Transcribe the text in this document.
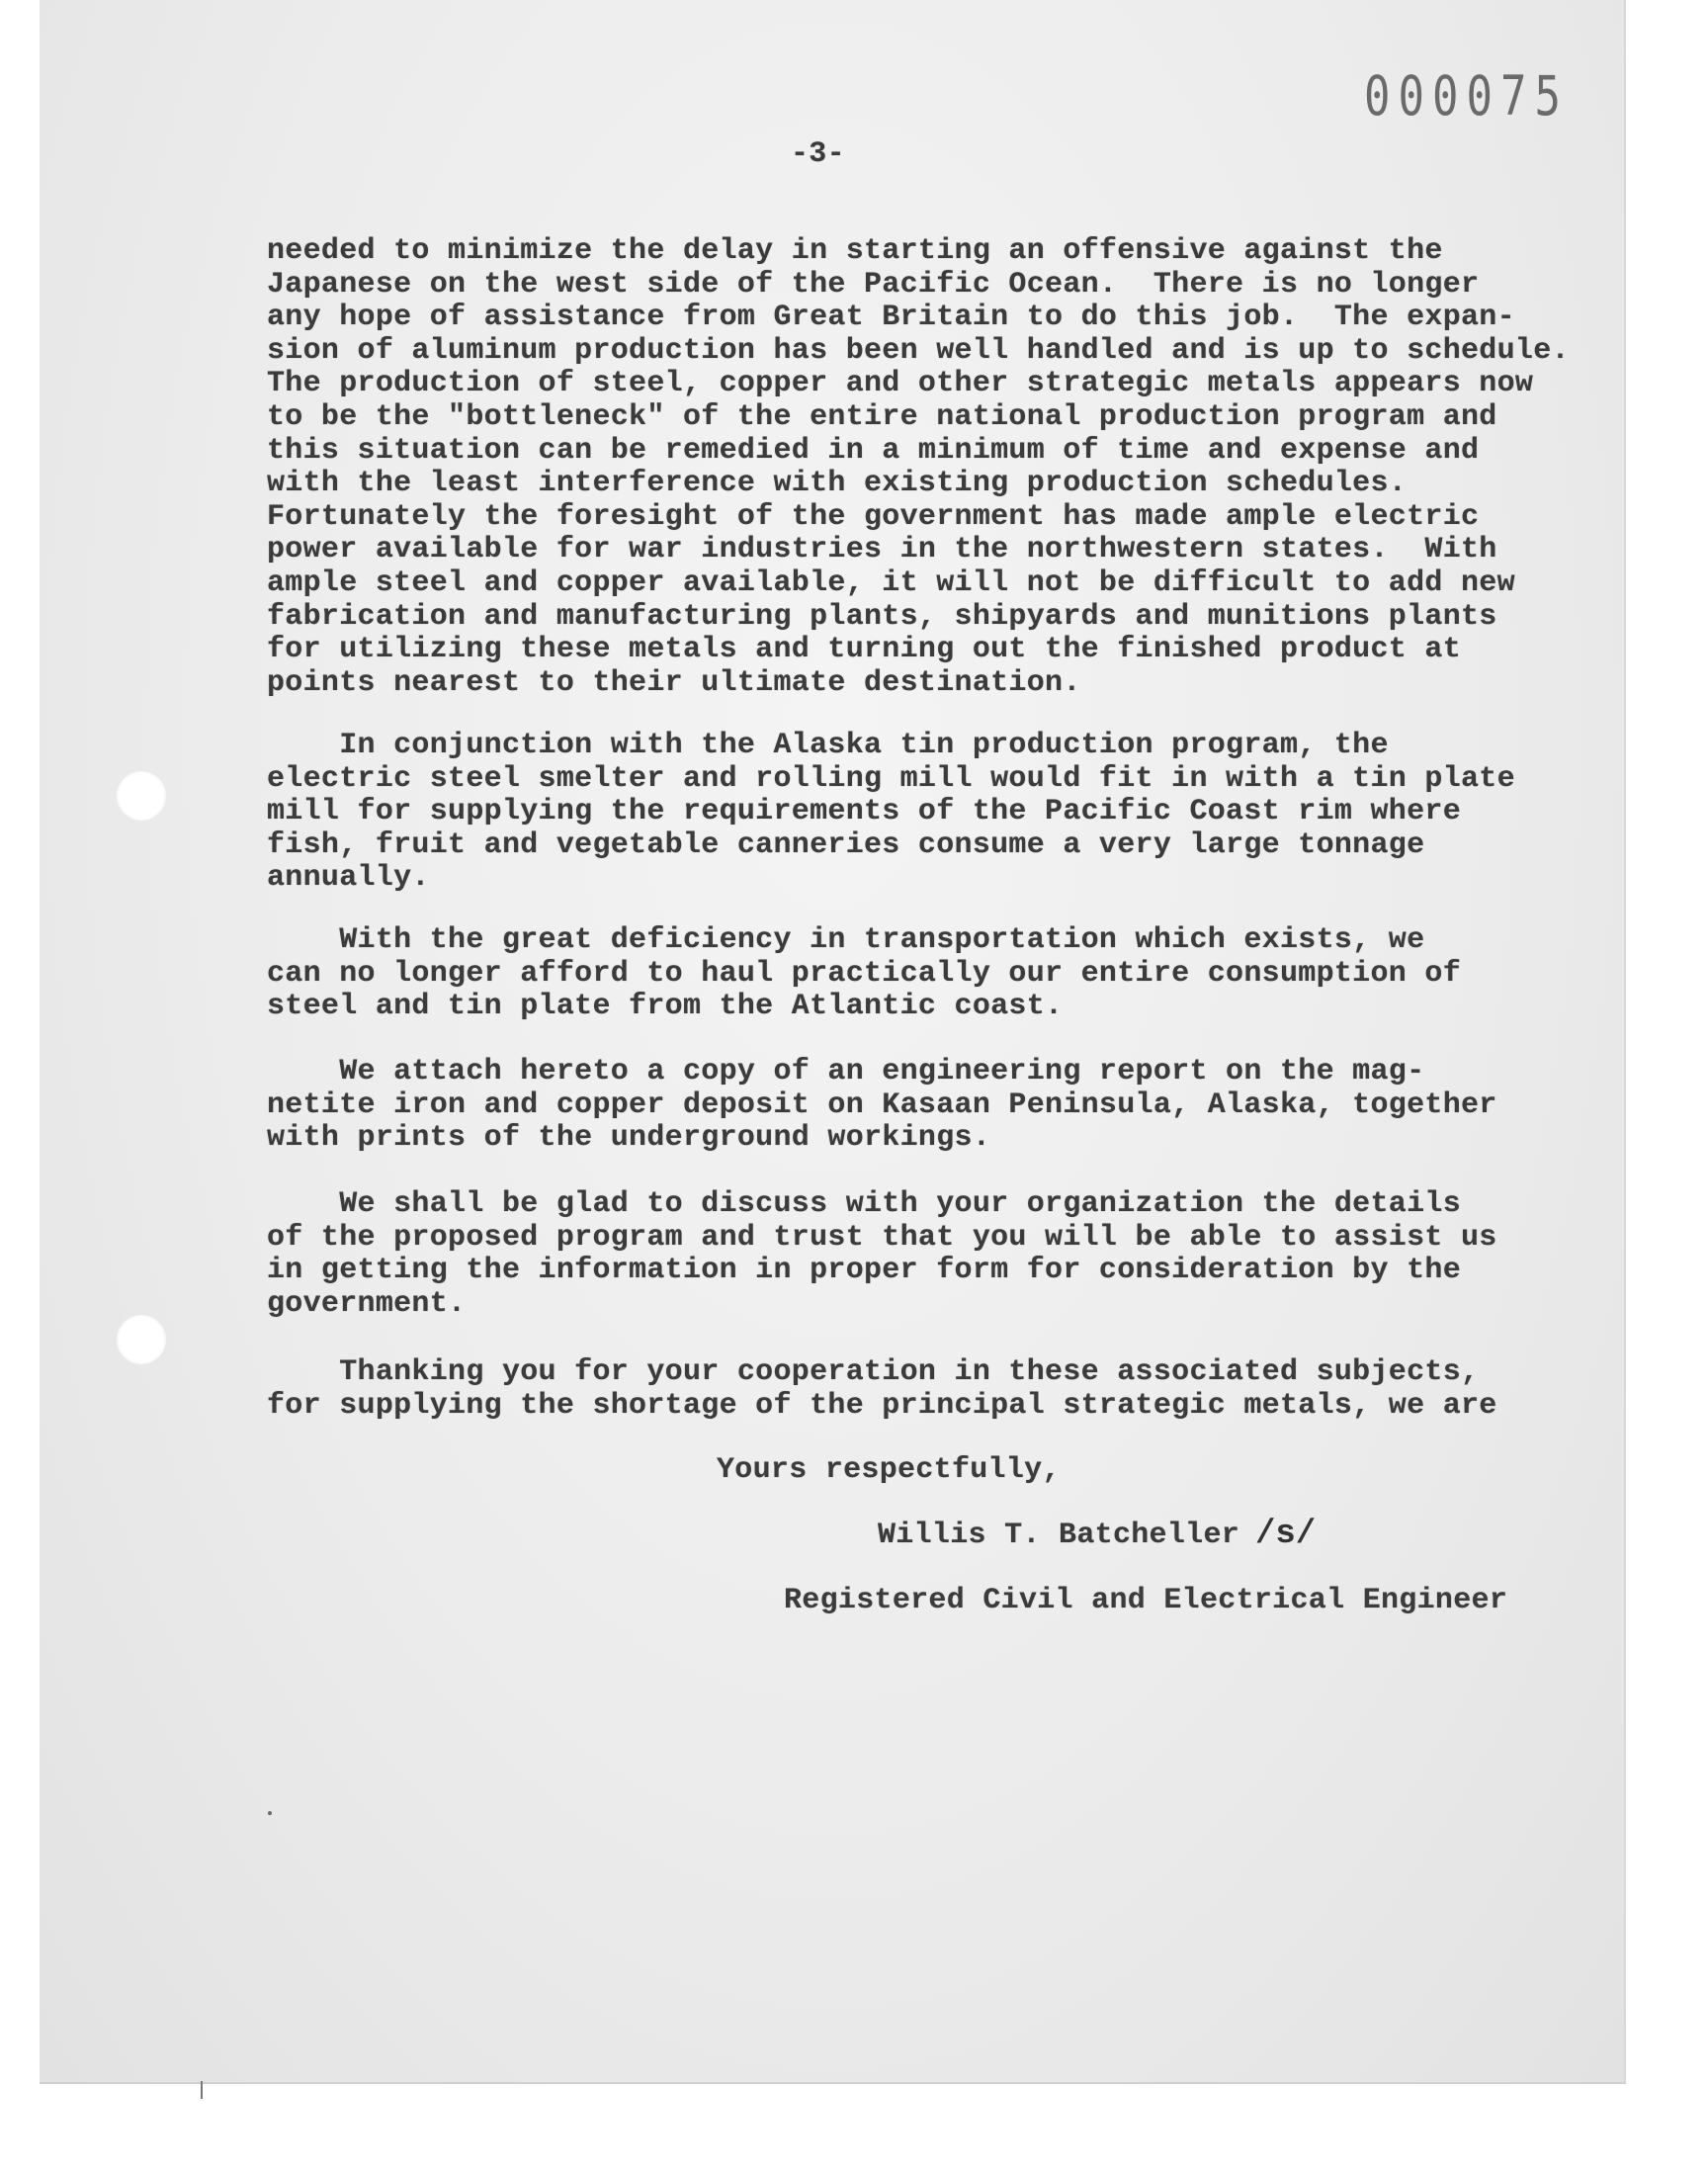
000075
-3-

needed to minimize the delay in starting an offensive against the
Japanese on the west side of the Pacific Ocean.  There is no longer
any hope of assistance from Great Britain to do this job.  The expan-
sion of aluminum production has been well handled and is up to
The production of steel, copper and other strategic metals appears
to be the "bottleneck" of the entire national production program and
this situation can be remedied in a minimum of time and expense and
with the least interference with existing production schedules.
Fortunately the foresight of the government has made ample electric
power available for war industries in the northwestern states.  With
ample steel and copper available, it will not be difficult to add
fabrication and manufacturing plants, shipyards and munitions plants
for utilizing these metals and turning out the finished product at
points nearest to their ultimate destination.

In conjunction with the Alaska tin production program, the
electric steel smelter and rolling mill would fit in with a tin plate
mill for supplying the requirements of the Pacific Coast rim where
fish, fruit and vegetable canneries consume a very large tonnage
annually.

With the great deficiency in transportation which exists, we
can no longer afford to haul practically our entire consumption of
steel and tin plate from the Atlantic coast.

We attach hereto a copy of an engineering report on the mag-
netite iron and copper deposit on Kasaan Peninsula, Alaska, together
with prints of the underground workings.

We shall be glad to discuss with your organization the details
of the proposed program and trust that you will be able to assist
in getting the information in proper form for consideration by the
government.

Thanking you for your cooperation in these associated subjects,
for supplying the shortage of the principal strategic metals, we are

Yours respectfully,
Willis T. Batcheller /s/
Registered Civil and Electrical Engineer
